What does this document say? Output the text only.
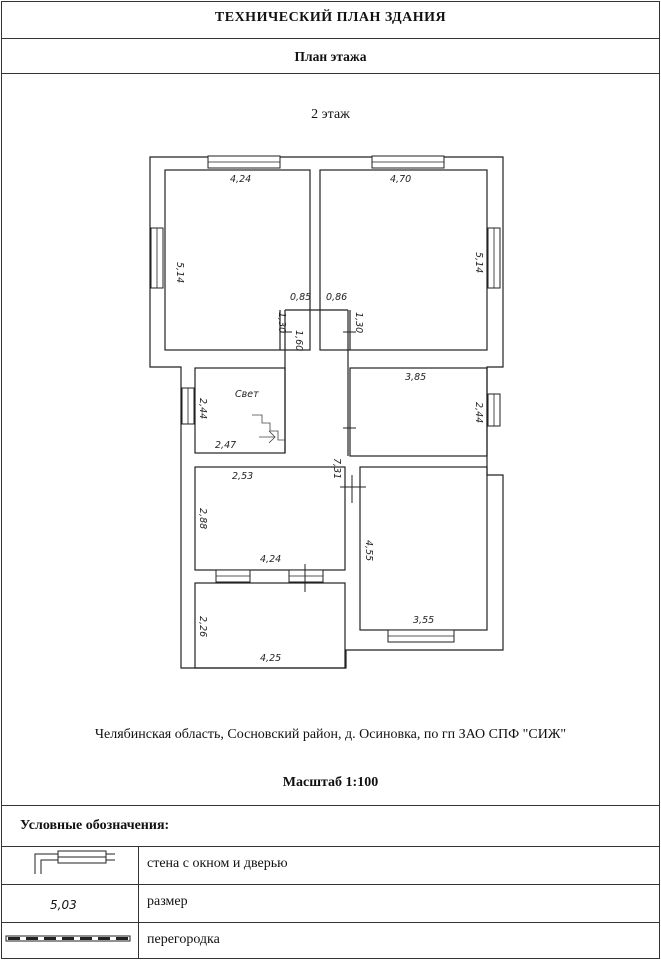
ТЕХНИЧЕСКИЙ ПЛАН ЗДАНИЯ
План этажа
2 этаж
4,24	4,70
5,14	5,14
0,85 0,86
1,30	1,30
1,60
Свет
2,44
2,47
3,85
2,44
7,31
2,53
2,88
4,24	4,55
3,55
2,26
4,25
Челябинская область, Сосновский район, д. Осиновка, по гп ЗАО СПФ "СИЖ"
Масштаб 1:100
Условные обозначения:
стена с окном и дверью
5,03	размер
перегородка
